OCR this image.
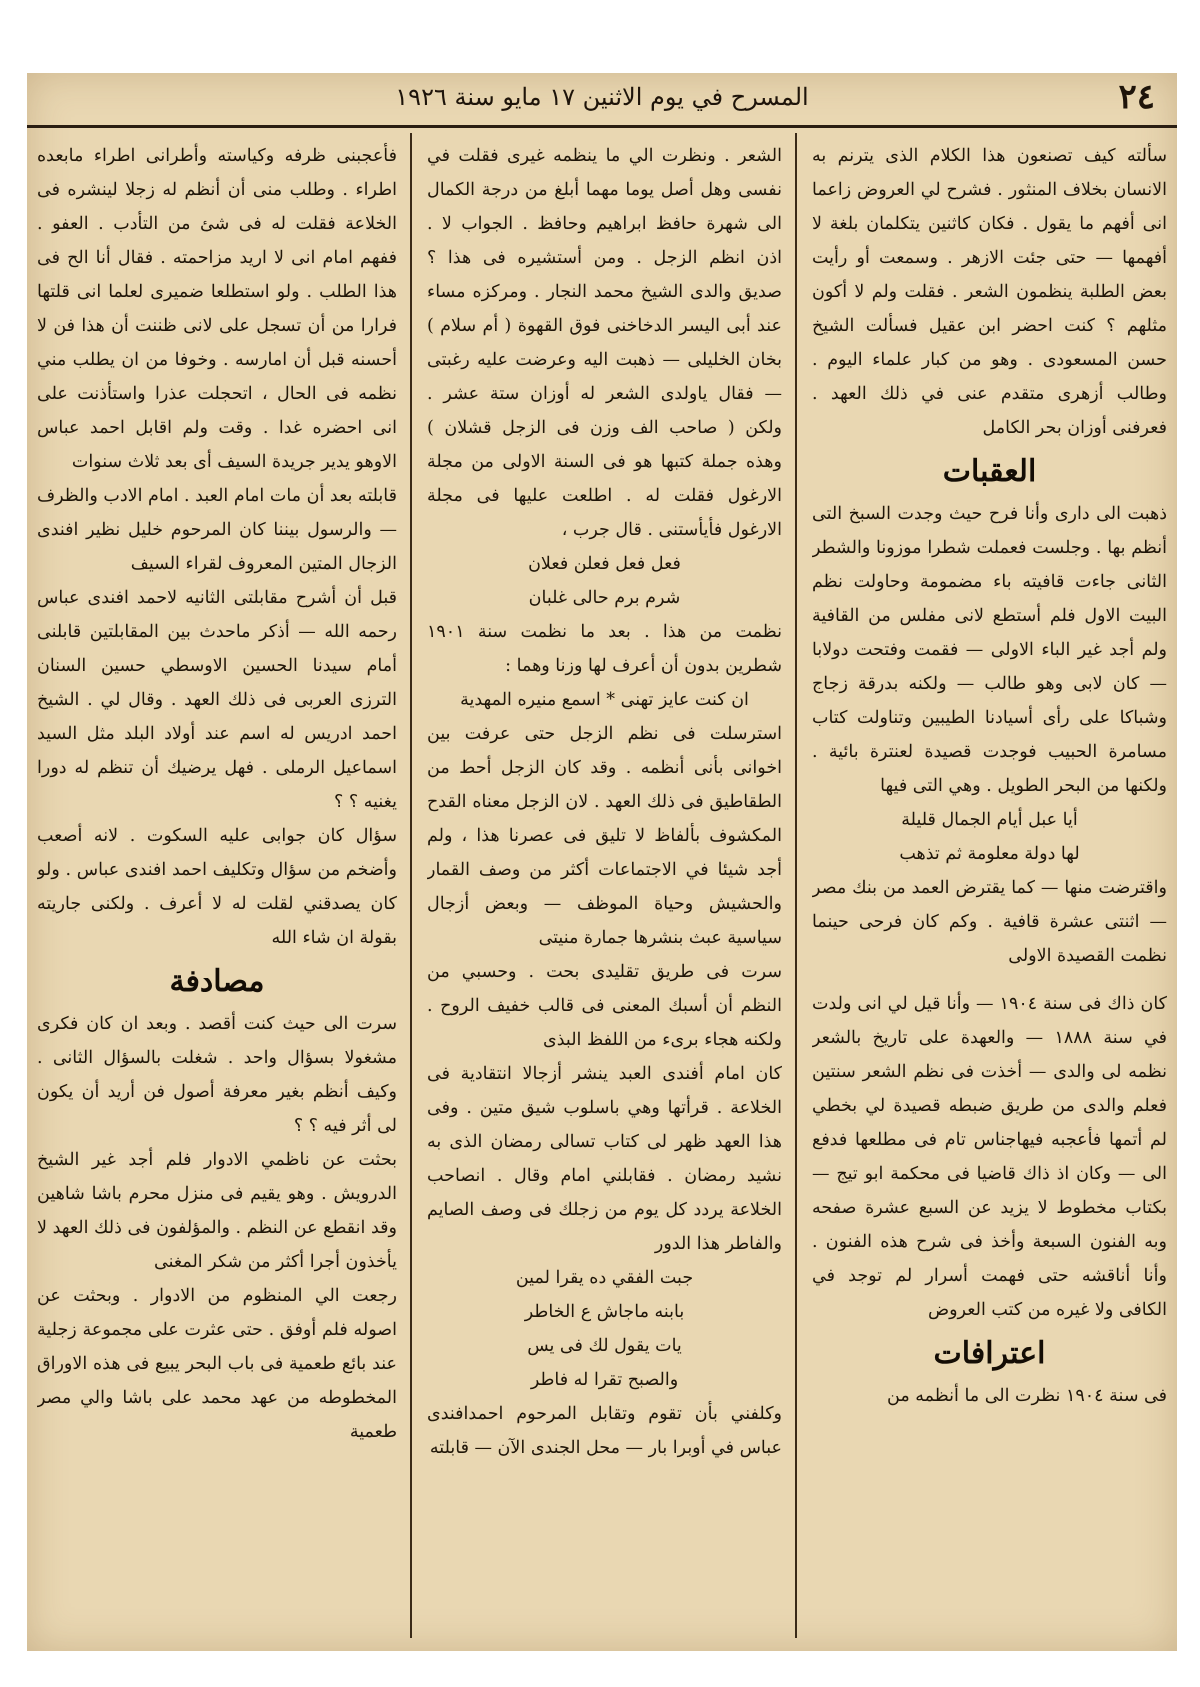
٢٤
المسرح في يوم الاثنين ١٧ مايو سنة ١٩٢٦

سألته كيف تصنعون هذا الكلام الذى يترنم به الانسان بخلاف المنثور . فشرح لي العروض زاعما انى أفهم ما يقول . فكان كاثنين يتكلمان بلغة لا أفهمها — حتى جئت الازهر . وسمعت أو رأيت بعض الطلبة ينظمون الشعر . فقلت ولم لا أكون مثلهم ؟ كنت احضر ابن عقيل فسألت الشيخ حسن المسعودى . وهو من كبار علماء اليوم . وطالب أزهرى متقدم عنى في ذلك العهد . فعرفنى أوزان بحر الكامل

العقبات

ذهبت الى دارى وأنا فرح حيث وجدت السبخ التى أنظم بها . وجلست فعملت شطرا موزونا والشطر الثانى جاءت قافيته باء مضمومة وحاولت نظم البيت الاول فلم أستطع لانى مفلس من القافية ولم أجد غير الباء الاولى — فقمت وفتحت دولابا — كان لابى وهو طالب — ولكنه بدرقة زجاج وشباكا على رأى أسيادنا الطيبين وتناولت كتاب مسامرة الحبيب فوجدت قصيدة لعنترة بائية . ولكنها من البحر الطويل . وهي التى فيها

أيا عبل أيام الجمال قليلة

لها دولة معلومة ثم تذهب

واقترضت منها — كما يقترض العمد من بنك مصر — اثنتى عشرة قافية . وكم كان فرحى حينما نظمت القصيدة الاولى

كان ذاك فى سنة ١٩٠٤ — وأنا قيل لي انى ولدت في سنة ١٨٨٨ — والعهدة على تاريخ بالشعر نظمه لى والدى — أخذت فى نظم الشعر سنتين فعلم والدى من طريق ضبطه قصيدة لي بخطي لم أتمها فأعجبه فيهاجناس تام فى مطلعها فدفع الى — وكان اذ ذاك قاضيا فى محكمة ابو تيج — بكتاب مخطوط لا يزيد عن السبع عشرة صفحه وبه الفنون السبعة وأخذ فى شرح هذه الفنون . وأنا أناقشه حتى فهمت أسرار لم توجد في الكافى ولا غيره من كتب العروض

اعترافات

فى سنة ١٩٠٤ نظرت الى ما أنظمه من

الشعر . ونظرت الي ما ينظمه غيرى فقلت في نفسى وهل أصل يوما مهما أبلغ من درجة الكمال الى شهرة حافظ ابراهيم وحافظ . الجواب لا . اذن انظم الزجل . ومن أستشيره فى هذا ؟ صديق والدى الشيخ محمد النجار . ومركزه مساء عند أبى اليسر الدخاخنى فوق القهوة ( أم سلام ) بخان الخليلى — ذهبت اليه وعرضت عليه رغبتى — فقال ياولدى الشعر له أوزان ستة عشر . ولكن ( صاحب الف وزن فى الزجل قشلان ) وهذه جملة كتبها هو فى السنة الاولى من مجلة الارغول فقلت له . اطلعت عليها فى مجلة الارغول فأيأستنى . قال جرب ،

فعل فعل فعلن فعلان

شرم برم حالى غلبان

نظمت من هذا . بعد ما نظمت سنة ١٩٠١ شطرين بدون أن أعرف لها وزنا وهما :

ان كنت عايز تهنى * اسمع منيره المهدية

استرسلت فى نظم الزجل حتى عرفت بين اخوانى بأنى أنظمه . وقد كان الزجل أحط من الطقاطيق فى ذلك العهد . لان الزجل معناه القدح المكشوف بألفاظ لا تليق فى عصرنا هذا ، ولم أجد شيئا في الاجتماعات أكثر من وصف القمار والحشيش وحياة الموظف — وبعض أزجال سياسية عبث بنشرها جمارة منيتى

سرت فى طريق تقليدى بحت . وحسبي من النظم أن أسبك المعنى فى قالب خفيف الروح . ولكنه هجاء برىء من اللفظ البذى

كان امام أفندى العبد ينشر أزجالا انتقادية فى الخلاعة . قرأتها وهي باسلوب شيق متين . وفى هذا العهد ظهر لى كتاب تسالى رمضان الذى به نشيد رمضان . فقابلني امام وقال . انصاحب الخلاعة يردد كل يوم من زجلك فى وصف الصايم والفاطر هذا الدور

جبت الفقي ده يقرا لمين

بابنه ماجاش ع الخاطر

يات يقول لك فى يس

والصبح تقرا له فاطر

وكلفني بأن تقوم وتقابل المرحوم احمدافندى عباس في أوبرا بار — محل الجندى الآن — قابلته

فأعجبنى ظرفه وكياسته وأطرانى اطراء مابعده اطراء . وطلب منى أن أنظم له زجلا لينشره فى الخلاعة فقلت له فى شئ من التأدب . العفو . ففهم امام انى لا اريد مزاحمته . فقال أنا الح فى هذا الطلب . ولو استطلعا ضميرى لعلما انى قلتها فرارا من أن تسجل على لانى ظننت أن هذا فن لا أحسنه قبل أن امارسه . وخوفا من ان يطلب مني نظمه فى الحال ، اتحجلت عذرا واستأذنت على انى احضره غدا . وقت ولم اقابل احمد عباس الاوهو يدير جريدة السيف أى بعد ثلاث سنوات

قابلته بعد أن مات امام العبد . امام الادب والظرف — والرسول بيننا كان المرحوم خليل نظير افندى الزجال المتين المعروف لقراء السيف

قبل أن أشرح مقابلتى الثانيه لاحمد افندى عباس رحمه الله — أذكر ماحدث بين المقابلتين قابلنى أمام سيدنا الحسين الاوسطي حسين السنان الترزى العربى فى ذلك العهد . وقال لي . الشيخ احمد ادريس له اسم عند أولاد البلد مثل السيد اسماعيل الرملى . فهل يرضيك أن تنظم له دورا يغنيه ؟ ؟

سؤال كان جوابى عليه السكوت . لانه أصعب وأضخم من سؤال وتكليف احمد افندى عباس . ولو كان يصدقني لقلت له لا أعرف . ولكنى جاريته بقولة ان شاء الله

مصادفة

سرت الى حيث كنت أقصد . وبعد ان كان فكرى مشغولا بسؤال واحد . شغلت بالسؤال الثانى . وكيف أنظم بغير معرفة أصول فن أريد أن يكون لى أثر فيه ؟ ؟

بحثت عن ناظمي الادوار فلم أجد غير الشيخ الدرويش . وهو يقيم فى منزل محرم باشا شاهين وقد انقطع عن النظم . والمؤلفون فى ذلك العهد لا يأخذون أجرا أكثر من شكر المغنى

رجعت الي المنظوم من الادوار . وبحثت عن اصوله فلم أوفق . حتى عثرت على مجموعة زجلية عند بائع طعمية فى باب البحر يبيع فى هذه الاوراق المخطوطه من عهد محمد على باشا والي مصر طعمية
